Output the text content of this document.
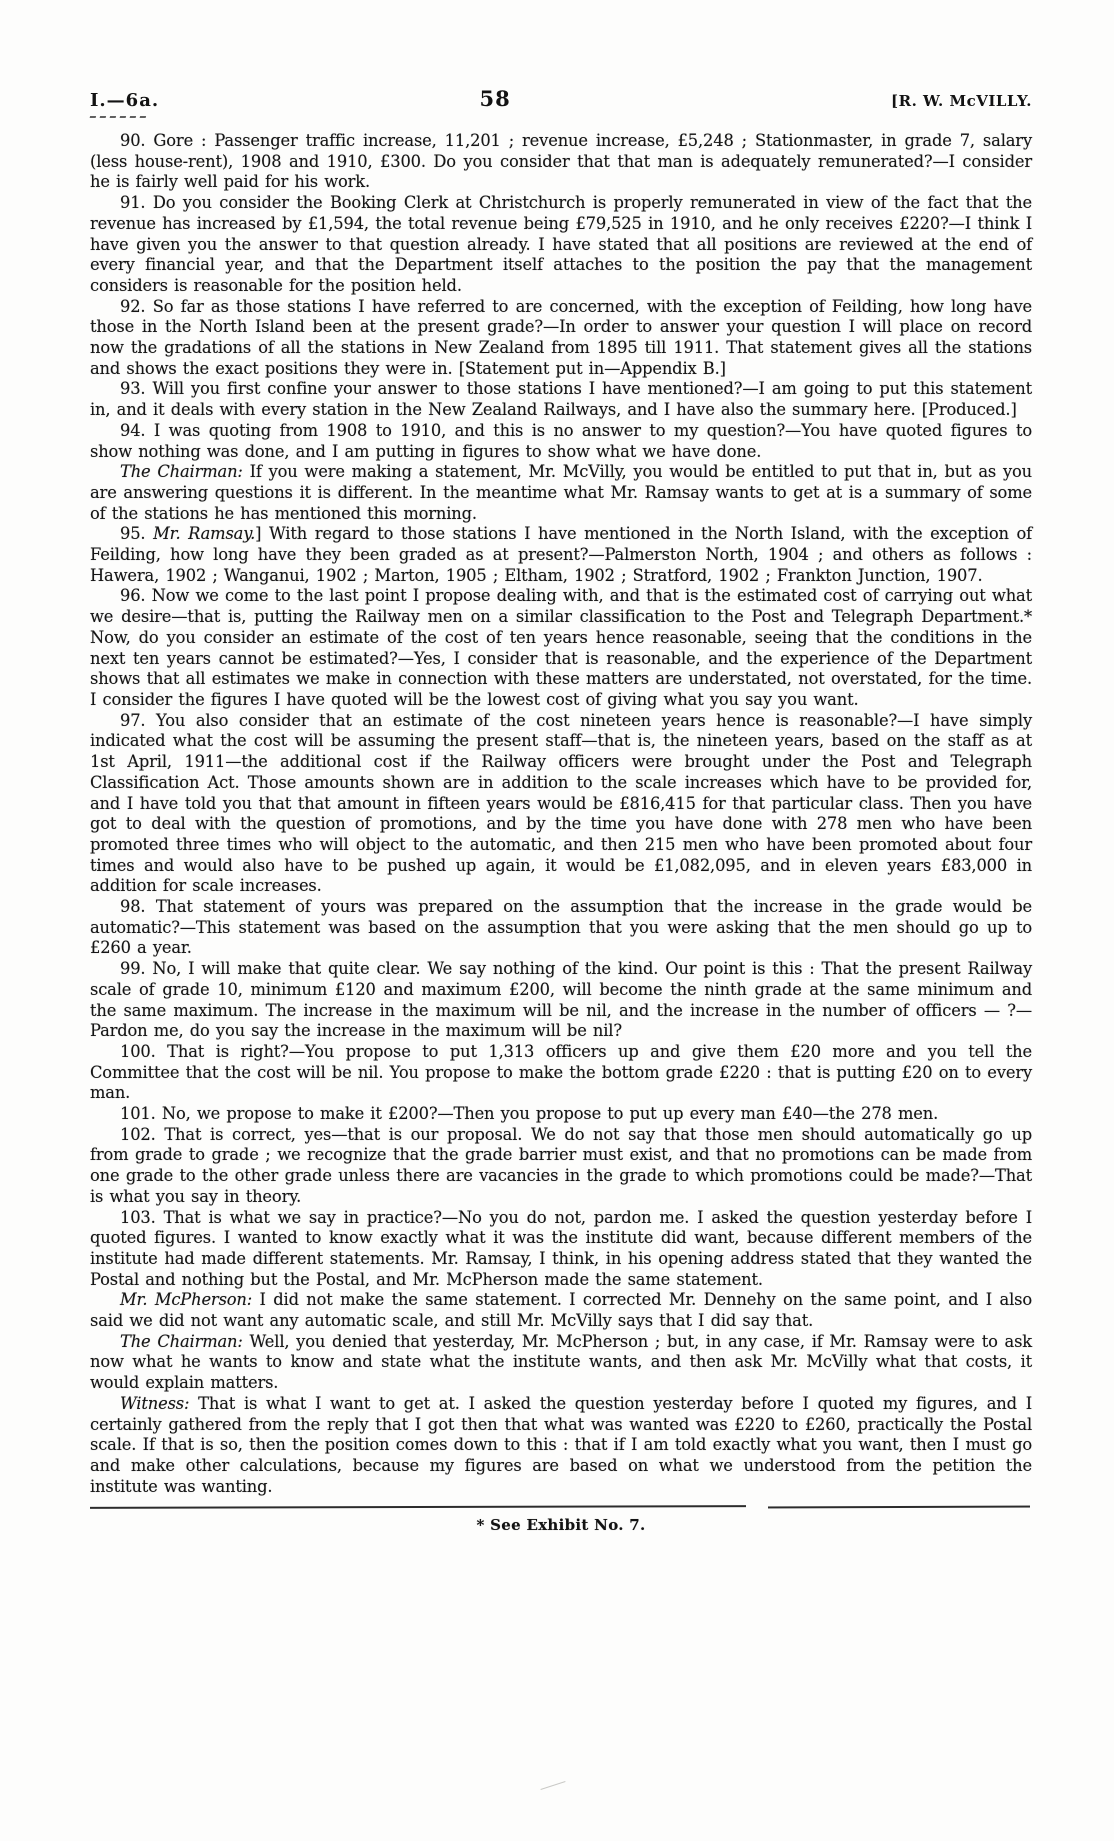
I.—6a.	58	[R. W. McVILLY.

90. Gore : Passenger traffic increase, 11,201 ; revenue increase, £5,248 ; Stationmaster, in grade 7, salary (less house-rent), 1908 and 1910, £300. Do you consider that that man is adequately remunerated?—I consider he is fairly well paid for his work.

91. Do you consider the Booking Clerk at Christchurch is properly remunerated in view of the fact that the revenue has increased by £1,594, the total revenue being £79,525 in 1910, and he only receives £220?—I think I have given you the answer to that question already. I have stated that all positions are reviewed at the end of every financial year, and that the Department itself attaches to the position the pay that the management considers is reasonable for the position held.

92. So far as those stations I have referred to are concerned, with the exception of Feilding, how long have those in the North Island been at the present grade?—In order to answer your question I will place on record now the gradations of all the stations in New Zealand from 1895 till 1911. That statement gives all the stations and shows the exact positions they were in. [Statement put in—Appendix B.]

93. Will you first confine your answer to those stations I have mentioned?—I am going to put this statement in, and it deals with every station in the New Zealand Railways, and I have also the summary here. [Produced.]

94. I was quoting from 1908 to 1910, and this is no answer to my question?—You have quoted figures to show nothing was done, and I am putting in figures to show what we have done.

The Chairman: If you were making a statement, Mr. McVilly, you would be entitled to put that in, but as you are answering questions it is different. In the meantime what Mr. Ramsay wants to get at is a summary of some of the stations he has mentioned this morning.

95. Mr. Ramsay.] With regard to those stations I have mentioned in the North Island, with the exception of Feilding, how long have they been graded as at present?—Palmerston North, 1904 ; and others as follows : Hawera, 1902 ; Wanganui, 1902 ; Marton, 1905 ; Eltham, 1902 ; Stratford, 1902 ; Frankton Junction, 1907.

96. Now we come to the last point I propose dealing with, and that is the estimated cost of carrying out what we desire—that is, putting the Railway men on a similar classification to the Post and Telegraph Department.* Now, do you consider an estimate of the cost of ten years hence reasonable, seeing that the conditions in the next ten years cannot be estimated?—Yes, I consider that is reasonable, and the experience of the Department shows that all estimates we make in connection with these matters are understated, not overstated, for the time. I consider the figures I have quoted will be the lowest cost of giving what you say you want.

97. You also consider that an estimate of the cost nineteen years hence is reasonable?—I have simply indicated what the cost will be assuming the present staff—that is, the nineteen years, based on the staff as at 1st April, 1911—the additional cost if the Railway officers were brought under the Post and Telegraph Classification Act. Those amounts shown are in addition to the scale increases which have to be provided for, and I have told you that that amount in fifteen years would be £816,415 for that particular class. Then you have got to deal with the question of promotions, and by the time you have done with 278 men who have been promoted three times who will object to the automatic, and then 215 men who have been promoted about four times and would also have to be pushed up again, it would be £1,082,095, and in eleven years £83,000 in addition for scale increases.

98. That statement of yours was prepared on the assumption that the increase in the grade would be automatic?—This statement was based on the assumption that you were asking that the men should go up to £260 a year.

99. No, I will make that quite clear. We say nothing of the kind. Our point is this : That the present Railway scale of grade 10, minimum £120 and maximum £200, will become the ninth grade at the same minimum and the same maximum. The increase in the maximum will be nil, and the increase in the number of officers — ?—Pardon me, do you say the increase in the maximum will be nil?

100. That is right?—You propose to put 1,313 officers up and give them £20 more and you tell the Committee that the cost will be nil. You propose to make the bottom grade £220 : that is putting £20 on to every man.

101. No, we propose to make it £200?—Then you propose to put up every man £40—the 278 men.

102. That is correct, yes—that is our proposal. We do not say that those men should automatically go up from grade to grade ; we recognize that the grade barrier must exist, and that no promotions can be made from one grade to the other grade unless there are vacancies in the grade to which promotions could be made?—That is what you say in theory.

103. That is what we say in practice?—No you do not, pardon me. I asked the question yesterday before I quoted figures. I wanted to know exactly what it was the institute did want, because different members of the institute had made different statements. Mr. Ramsay, I think, in his opening address stated that they wanted the Postal and nothing but the Postal, and Mr. McPherson made the same statement.

Mr. McPherson: I did not make the same statement. I corrected Mr. Dennehy on the same point, and I also said we did not want any automatic scale, and still Mr. McVilly says that I did say that.

The Chairman: Well, you denied that yesterday, Mr. McPherson ; but, in any case, if Mr. Ramsay were to ask now what he wants to know and state what the institute wants, and then ask Mr. McVilly what that costs, it would explain matters.

Witness: That is what I want to get at. I asked the question yesterday before I quoted my figures, and I certainly gathered from the reply that I got then that what was wanted was £220 to £260, practically the Postal scale. If that is so, then the position comes down to this : that if I am told exactly what you want, then I must go and make other calculations, because my figures are based on what we understood from the petition the institute was wanting.

* See Exhibit No. 7.
